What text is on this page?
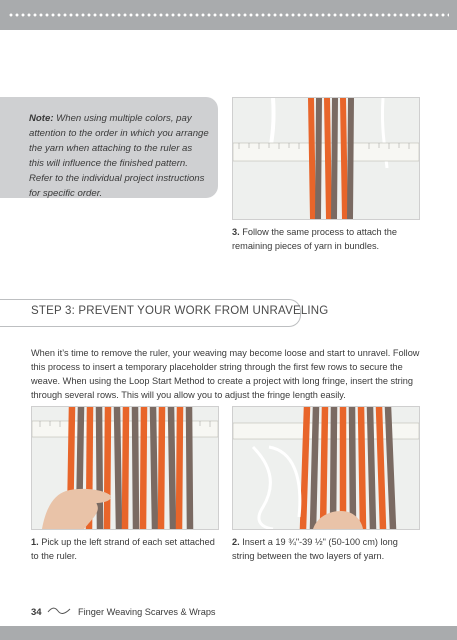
Note: When using multiple colors, pay attention to the order in which you arrange the yarn when attaching to the ruler as this will influence the finished pattern. Refer to the individual project instructions for specific order.
3. Follow the same process to attach the remaining pieces of yarn in bundles.
STEP 3: PREVENT YOUR WORK FROM UNRAVELING
When it’s time to remove the ruler, your weaving may become loose and start to unravel. Follow this process to insert a temporary placeholder string through the first few rows to secure the weave. When using the Loop Start Method to create a project with long fringe, insert the string through several rows. This will you allow you to adjust the fringe length easily.
1. Pick up the left strand of each set attached to the ruler.
2. Insert a 19 ¾"-39 ½" (50-100 cm) long string between the two layers of yarn.
34	Finger Weaving Scarves & Wraps
